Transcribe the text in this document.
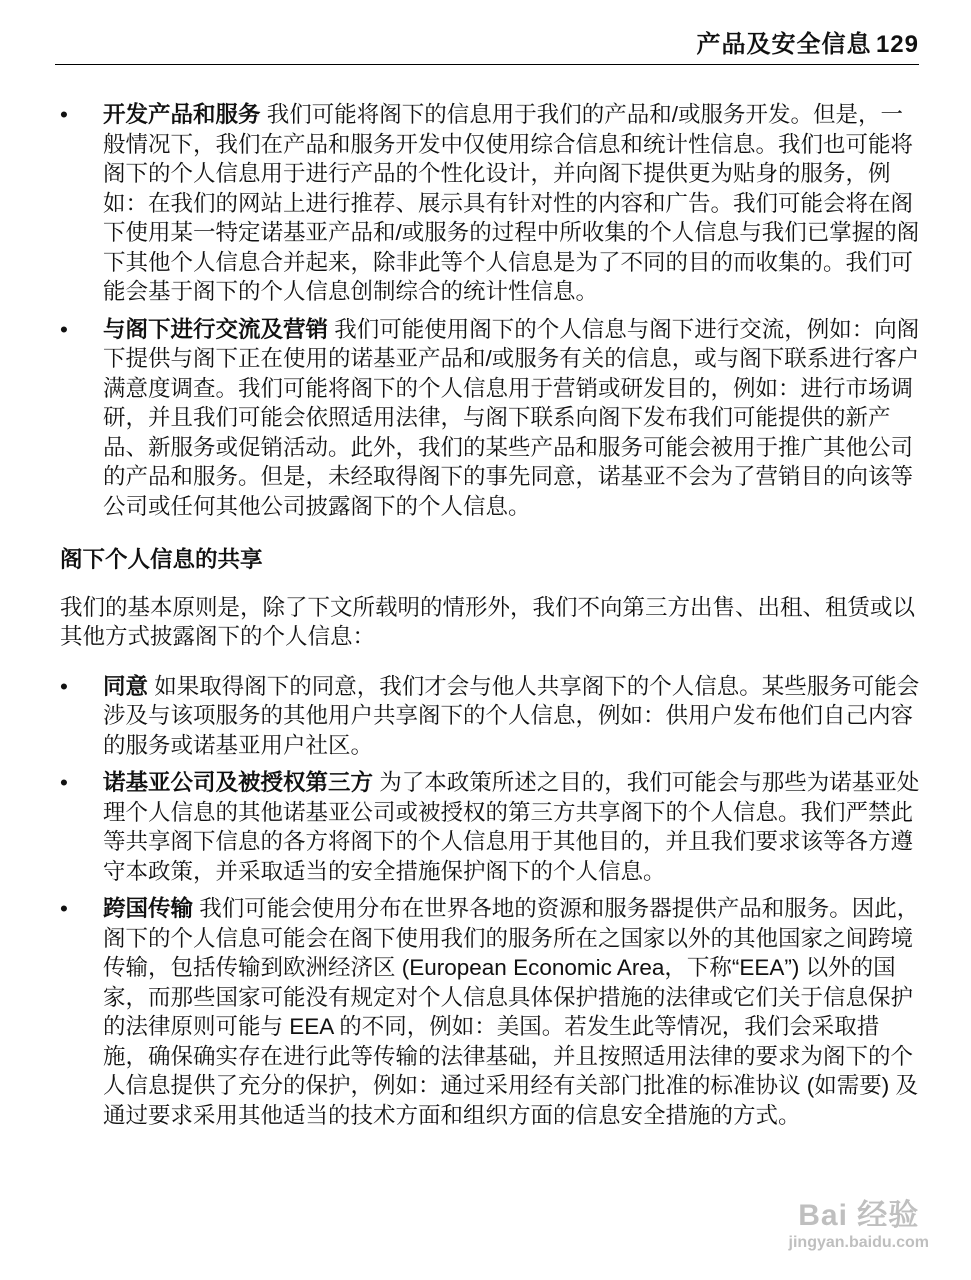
产品及安全信息 129
• 开发产品和服务 我们可能将阁下的信息用于我们的产品和/或服务开发。但是，一般情况下，我们在产品和服务开发中仅使用综合信息和统计性信息。我们也可能将阁下的个人信息用于进行产品的个性化设计，并向阁下提供更为贴身的服务，例如：在我们的网站上进行推荐、展示具有针对性的内容和广告。我们可能会将在阁下使用某一特定诺基亚产品和/或服务的过程中所收集的个人信息与我们已掌握的阁下其他个人信息合并起来，除非此等个人信息是为了不同的目的而收集的。我们可能会基于阁下的个人信息创制综合的统计性信息。
• 与阁下进行交流及营销 我们可能使用阁下的个人信息与阁下进行交流，例如：向阁下提供与阁下正在使用的诺基亚产品和/或服务有关的信息，或与阁下联系进行客户满意度调查。我们可能将阁下的个人信息用于营销或研发目的，例如：进行市场调研，并且我们可能会依照适用法律，与阁下联系向阁下发布我们可能提供的新产品、新服务或促销活动。此外，我们的某些产品和服务可能会被用于推广其他公司的产品和服务。但是，未经取得阁下的事先同意，诺基亚不会为了营销目的向该等公司或任何其他公司披露阁下的个人信息。
阁下个人信息的共享
我们的基本原则是，除了下文所载明的情形外，我们不向第三方出售、出租、租赁或以其他方式披露阁下的个人信息：
• 同意 如果取得阁下的同意，我们才会与他人共享阁下的个人信息。某些服务可能会涉及与该项服务的其他用户共享阁下的个人信息，例如：供用户发布他们自己内容的服务或诺基亚用户社区。
• 诺基亚公司及被授权第三方 为了本政策所述之目的，我们可能会与那些为诺基亚处理个人信息的其他诺基亚公司或被授权的第三方共享阁下的个人信息。我们严禁此等共享阁下信息的各方将阁下的个人信息用于其他目的，并且我们要求该等各方遵守本政策，并采取适当的安全措施保护阁下的个人信息。
• 跨国传输 我们可能会使用分布在世界各地的资源和服务器提供产品和服务。因此，阁下的个人信息可能会在阁下使用我们的服务所在之国家以外的其他国家之间跨境传输，包括传输到欧洲经济区 (European Economic Area，下称“EEA”) 以外的国家，而那些国家可能没有规定对个人信息具体保护措施的法律或它们关于信息保护的法律原则可能与 EEA 的不同，例如：美国。若发生此等情况，我们会采取措施，确保确实存在进行此等传输的法律基础，并且按照适用法律的要求为阁下的个人信息提供了充分的保护，例如：通过采用经有关部门批准的标准协议 (如需要) 及通过要求采用其他适当的技术方面和组织方面的信息安全措施的方式。
Bai 经验
jingyan.baidu.com
